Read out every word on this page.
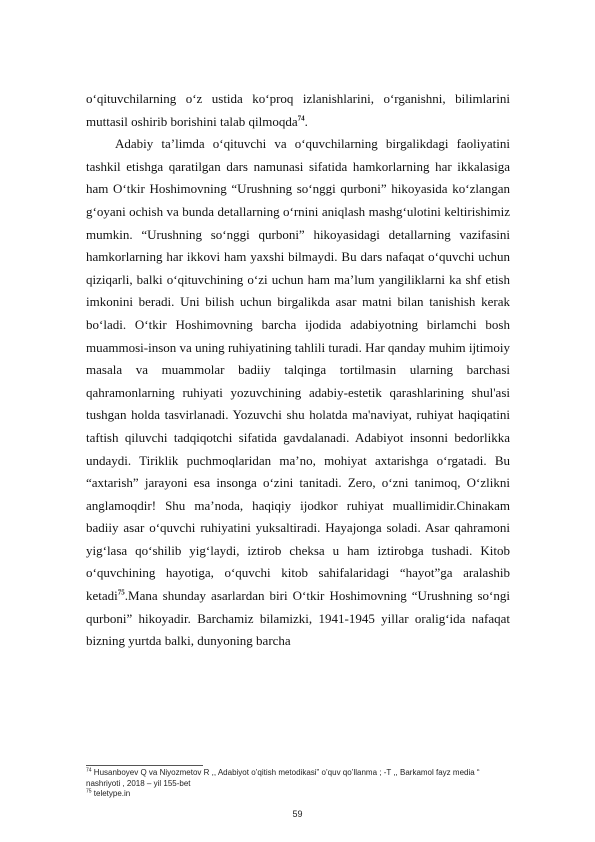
o‘qituvchilarning o‘z ustida ko‘proq izlanishlarini, o‘rganishni, bilimlarini muttasil oshirib borishini talab qilmoqda$^{74}$.

Adabiy ta’limda o‘qituvchi va o‘quvchilarning birgalikdagi faoliyatini tashkil etishga qaratilgan dars namunasi sifatida hamkorlarning har ikkalasiga ham O‘tkir Hoshimovning “Urushning so‘nggi qurboni” hikoyasida ko‘zlangan g‘oyani ochish va bunda detallarning o‘rnini aniqlash mashg‘ulotini keltirishimiz mumkin. “Urushning so‘nggi qurboni” hikoyasidagi detallarning vazifasini hamkorlarning har ikkovi ham yaxshi bilmaydi. Bu dars nafaqat o‘quvchi uchun qiziqarli, balki o‘qituvchining o‘zi uchun ham ma’lum yangiliklarni ka shf etish imkonini beradi. Uni bilish uchun birgalikda asar matni bilan tanishish kerak bo‘ladi. O‘tkir Hoshimovning barcha ijodida adabiyotning birlamchi bosh muammosi-inson va uning ruhiyatining tahlili turadi. Har qanday muhim ijtimoiy masala va muammolar badiiy talqinga tortilmasin ularning barchasi qahramonlarning ruhiyati yozuvchining adabiy-estetik qarashlarining shul'asi tushgan holda tasvirlanadi. Yozuvchi shu holatda ma'naviyat, ruhiyat haqiqatini taftish qiluvchi tadqiqotchi sifatida gavdalanadi. Adabiyot insonni bedorlikka undaydi. Tiriklik puchmoqlaridan ma’no, mohiyat axtarishga o‘rgatadi. Bu “axtarish” jarayoni esa insonga o‘zini tanitadi. Zero, o‘zni tanimoq, O‘zlikni anglamoqdir! Shu ma’noda, haqiqiy ijodkor ruhiyat muallimidir.Chinakam badiiy asar o‘quvchi ruhiyatini yuksaltiradi. Hayajonga soladi. Asar qahramoni yig‘lasa qo‘shilib yig‘laydi, iztirob cheksa u ham iztirobga tushadi. Kitob o‘quvchining hayotiga, o‘quvchi kitob sahifalaridagi “hayot”ga aralashib ketadi$^{75}$.Mana shunday asarlardan biri O‘tkir Hoshimovning “Urushning so‘ngi qurboni” hikoyadir. Barchamiz bilamizki, 1941-1945 yillar oralig‘ida nafaqat bizning yurtda balki, dunyoning barcha

$^{74}$ Husanboyev Q va Niyozmetov R ,, Adabiyot o’qitish metodikasi” o’quv qo’llanma ; -T ,, Barkamol fayz media “ nashriyoti , 2018 – yil 155-bet

$^{75}$ teletype.in

59
